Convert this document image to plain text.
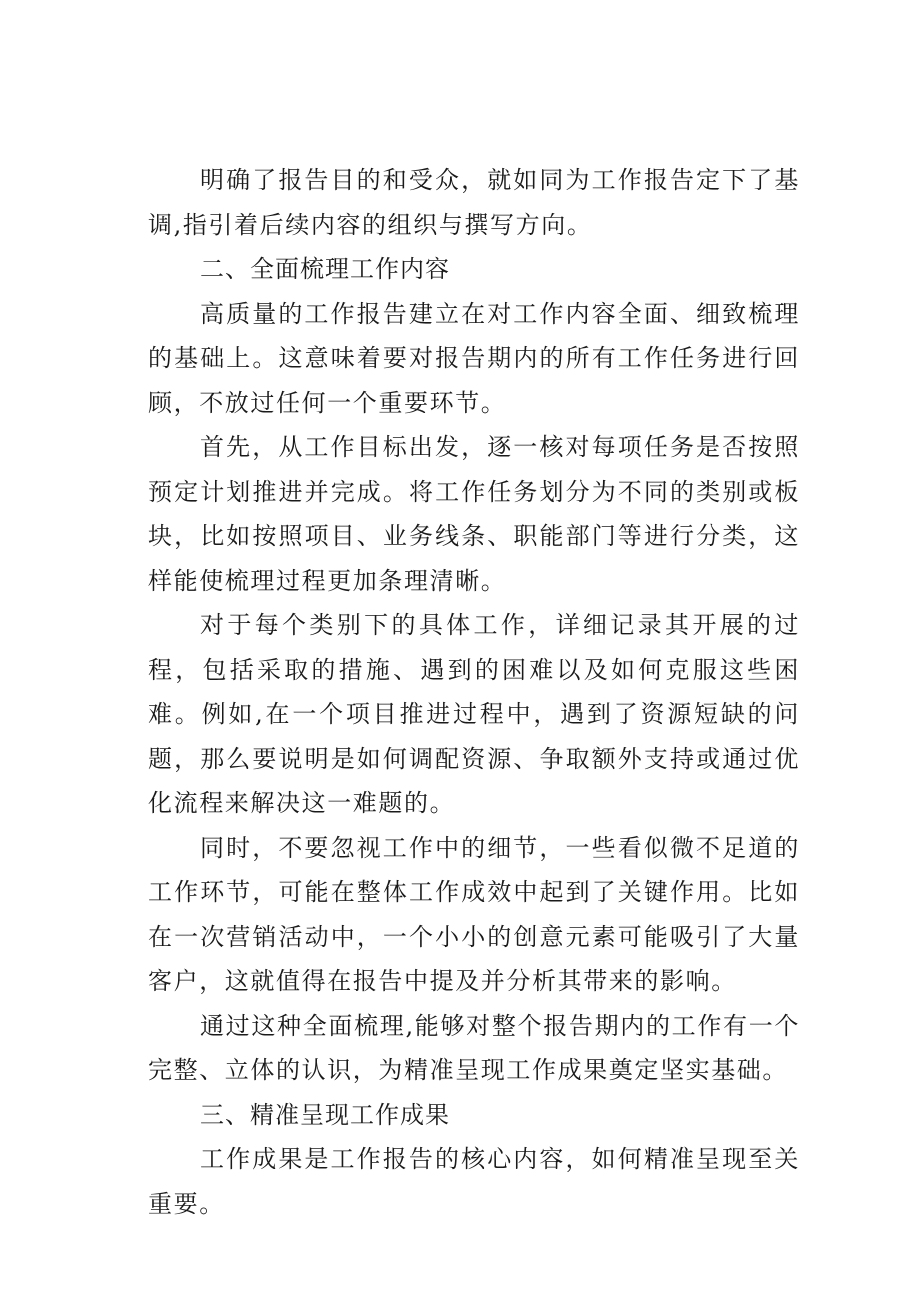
明确了报告目的和受众，就如同为工作报告定下了基调,指引着后续内容的组织与撰写方向。

二、全面梳理工作内容

高质量的工作报告建立在对工作内容全面、细致梳理的基础上。这意味着要对报告期内的所有工作任务进行回顾，不放过任何一个重要环节。

首先，从工作目标出发，逐一核对每项任务是否按照预定计划推进并完成。将工作任务划分为不同的类别或板块，比如按照项目、业务线条、职能部门等进行分类，这样能使梳理过程更加条理清晰。

对于每个类别下的具体工作，详细记录其开展的过程，包括采取的措施、遇到的困难以及如何克服这些困难。例如,在一个项目推进过程中，遇到了资源短缺的问题，那么要说明是如何调配资源、争取额外支持或通过优化流程来解决这一难题的。

同时，不要忽视工作中的细节，一些看似微不足道的工作环节，可能在整体工作成效中起到了关键作用。比如在一次营销活动中，一个小小的创意元素可能吸引了大量客户，这就值得在报告中提及并分析其带来的影响。

通过这种全面梳理,能够对整个报告期内的工作有一个完整、立体的认识，为精准呈现工作成果奠定坚实基础。

三、精准呈现工作成果

工作成果是工作报告的核心内容，如何精准呈现至关重要。
